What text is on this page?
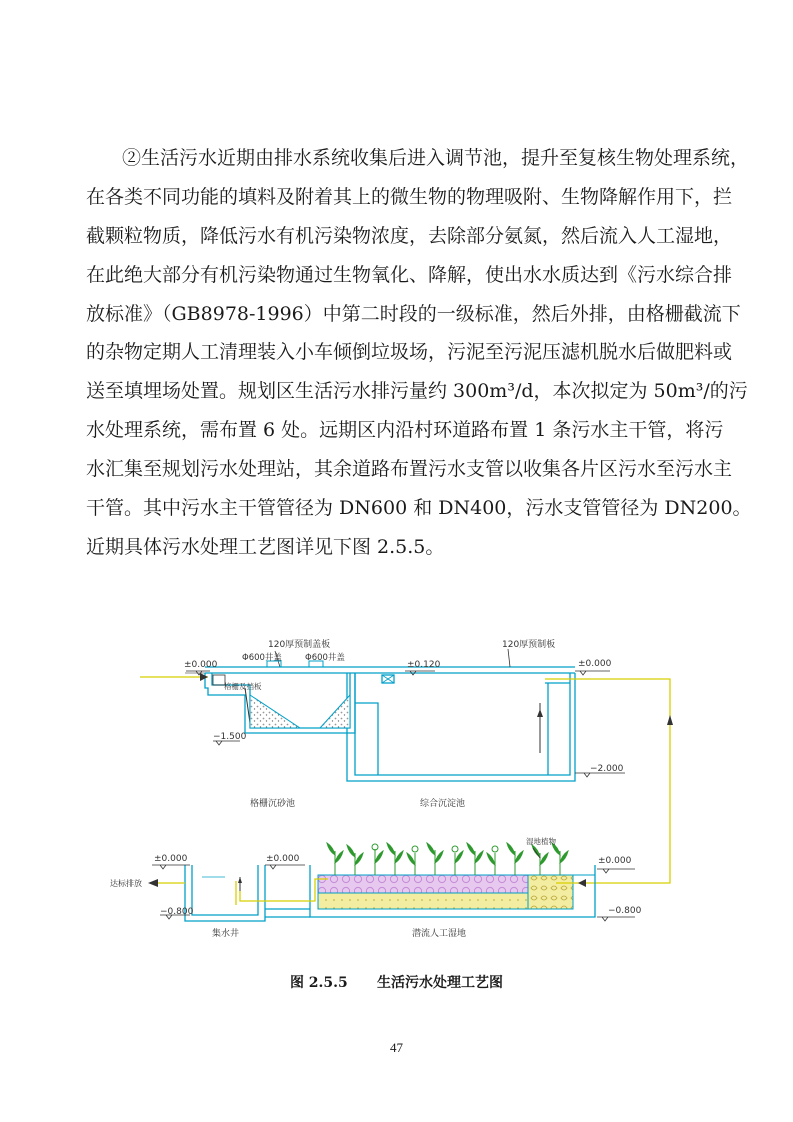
②生活污水近期由排水系统收集后进入调节池，提升至复核生物处理系统，
在各类不同功能的填料及附着其上的微生物的物理吸附、生物降解作用下，拦
截颗粒物质，降低污水有机污染物浓度，去除部分氨氮，然后流入人工湿地，
在此绝大部分有机污染物通过生物氧化、降解，使出水水质达到《污水综合排
放标准》（GB8978-1996）中第二时段的一级标准，然后外排，由格栅截流下
的杂物定期人工清理装入小车倾倒垃圾场，污泥至污泥压滤机脱水后做肥料或
送至填埋场处置。规划区生活污水排污量约 300m³/d，本次拟定为 50m³/的污
水处理系统，需布置 6 处。远期区内沿村环道路布置 1 条污水主干管，将污
水汇集至规划污水处理站，其余道路布置污水支管以收集各片区污水至污水主
干管。其中污水主干管管径为 DN600 和 DN400，污水支管管径为 DN200。
近期具体污水处理工艺图详见下图 2.5.5。
120厚预制盖板
Φ600井盖	Φ600井盖
120厚预制板
±0.000	±0.120	±0.000
格栅及挡板
−1.500
−2.000
格栅沉砂池	综合沉淀池
±0.000	±0.000	±0.000
湿地植物
达标排放
−0.800	−0.800
集水井	潜流人工湿地
图 2.5.5 生活污水处理工艺图
47
